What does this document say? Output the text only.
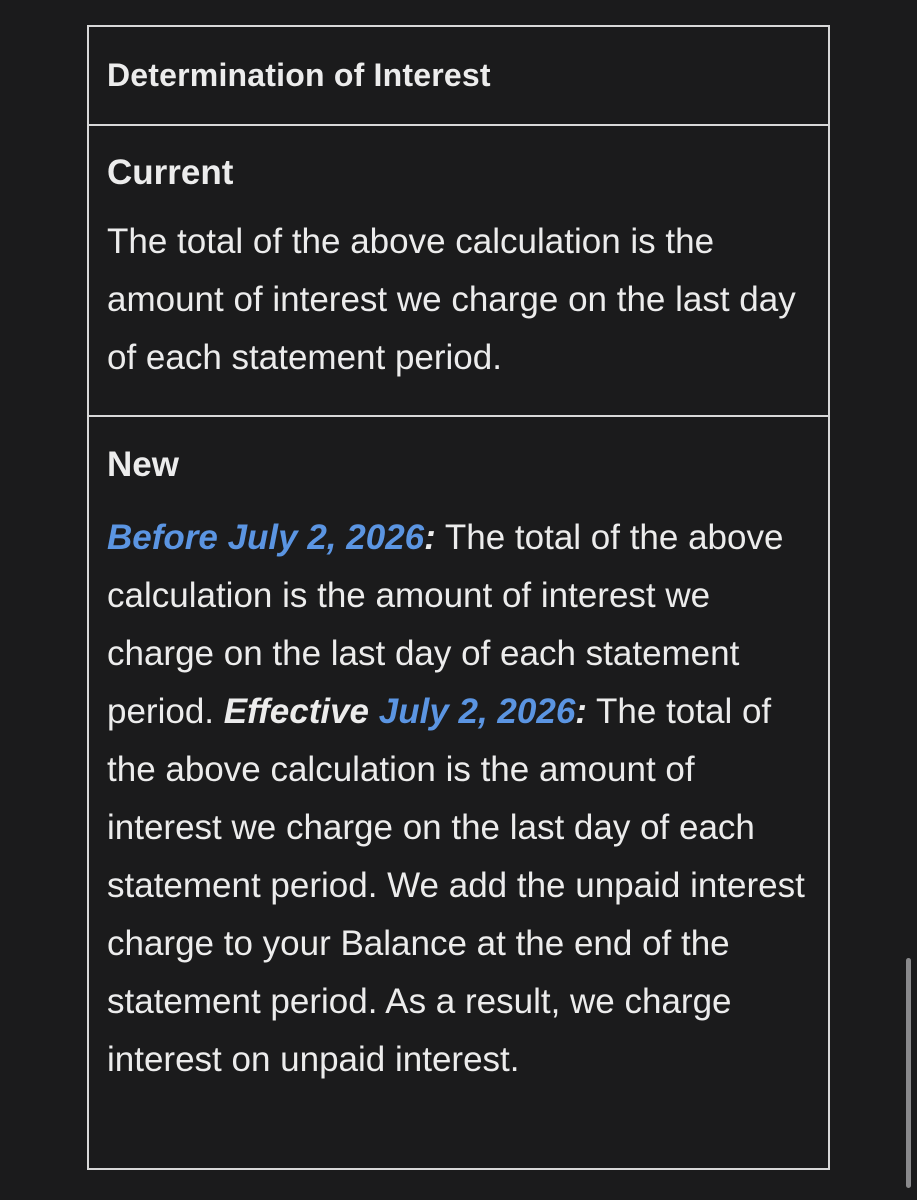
Determination of Interest

Current

The total of the above calculation is the amount of interest we charge on the last day of each statement period.

New

Before July 2, 2026: The total of the above calculation is the amount of interest we charge on the last day of each statement period. Effective July 2, 2026: The total of the above calculation is the amount of interest we charge on the last day of each statement period. We add the unpaid interest charge to your Balance at the end of the statement period. As a result, we charge interest on unpaid interest.
